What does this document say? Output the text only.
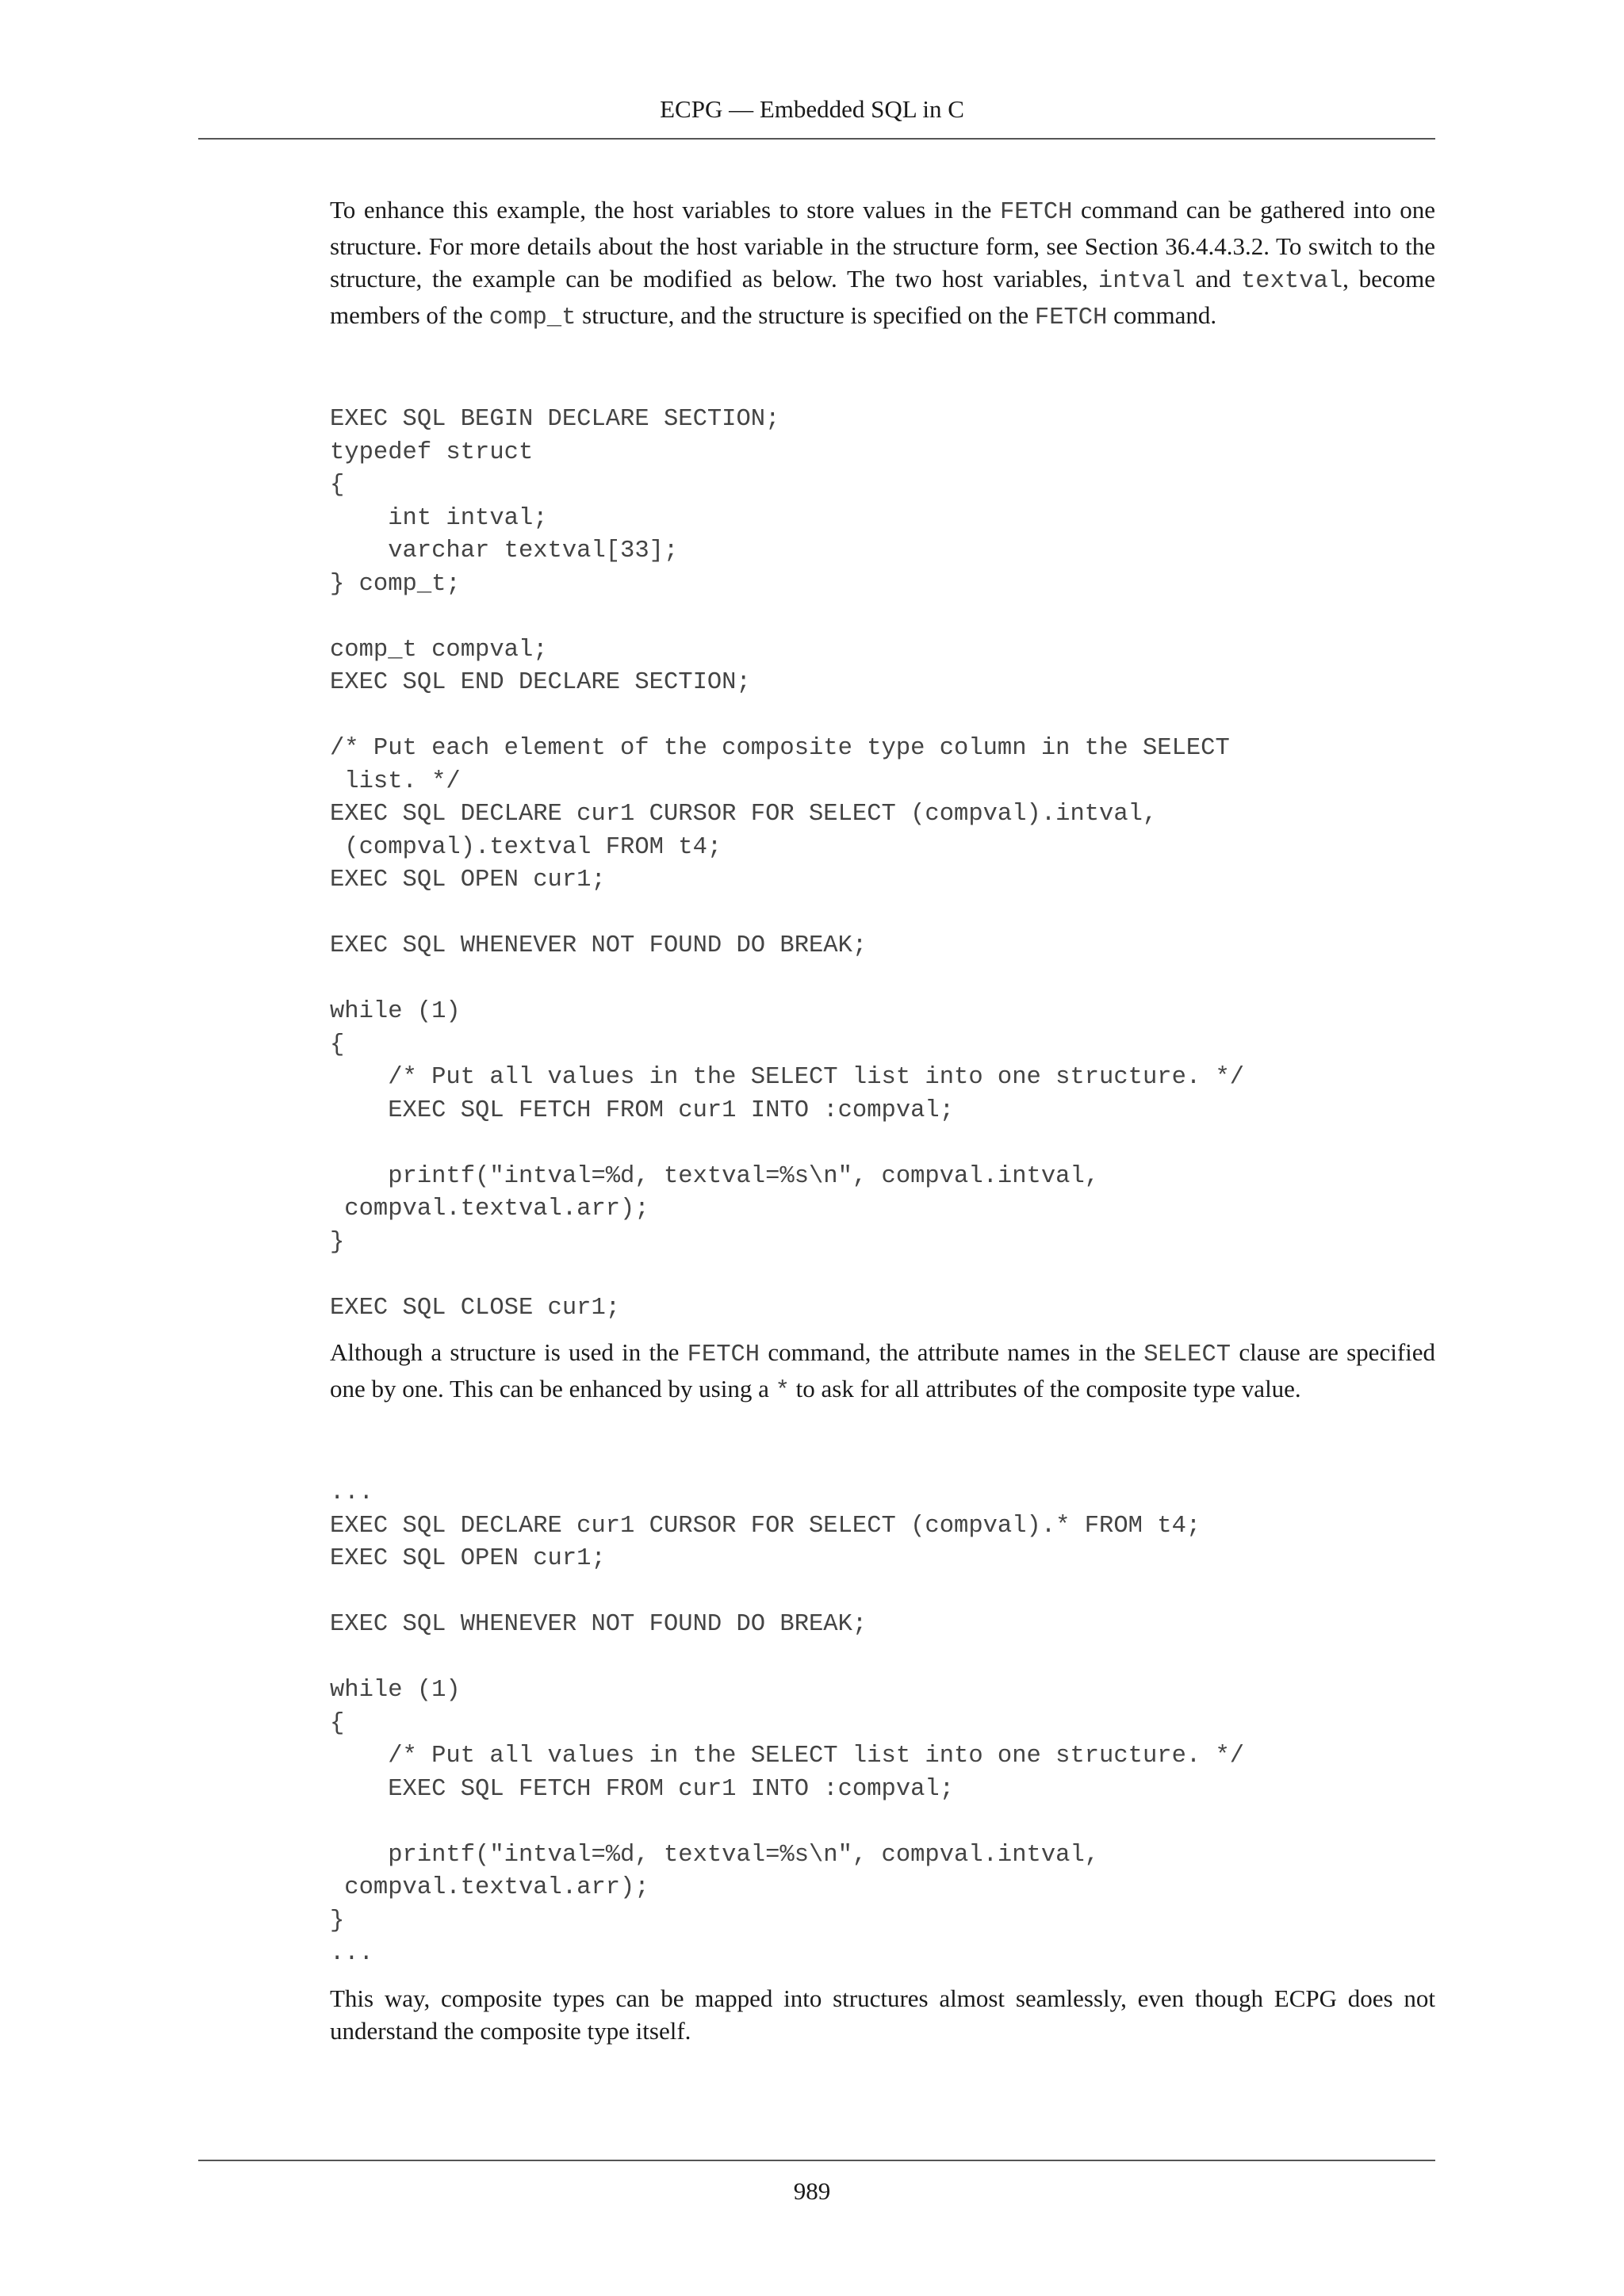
ECPG — Embedded SQL in C

To enhance this example, the host variables to store values in the FETCH command can be gathered into one structure. For more details about the host variable in the structure form, see Section 36.4.4.3.2. To switch to the structure, the example can be modified as below. The two host variables, intval and textval, become members of the comp_t structure, and the structure is specified on the FETCH command.

EXEC SQL BEGIN DECLARE SECTION;
typedef struct
{
int intval;
varchar textval[33];
} comp_t;

comp_t compval;
EXEC SQL END DECLARE SECTION;

/* Put each element of the composite type column in the SELECT
list. */
EXEC SQL DECLARE cur1 CURSOR FOR SELECT (compval).intval,
(compval).textval FROM t4;
EXEC SQL OPEN cur1;

EXEC SQL WHENEVER NOT FOUND DO BREAK;

while (1)
{
/* Put all values in the SELECT list into one structure. */
EXEC SQL FETCH FROM cur1 INTO :compval;

printf("intval=%d, textval=%s\n", compval.intval,
compval.textval.arr);
}

EXEC SQL CLOSE cur1;

Although a structure is used in the FETCH command, the attribute names in the SELECT clause are specified one by one. This can be enhanced by using a * to ask for all attributes of the composite type value.

...
EXEC SQL DECLARE cur1 CURSOR FOR SELECT (compval).* FROM t4;
EXEC SQL OPEN cur1;

EXEC SQL WHENEVER NOT FOUND DO BREAK;

while (1)
{
/* Put all values in the SELECT list into one structure. */
EXEC SQL FETCH FROM cur1 INTO :compval;

printf("intval=%d, textval=%s\n", compval.intval,
compval.textval.arr);
}
...

This way, composite types can be mapped into structures almost seamlessly, even though ECPG does not understand the composite type itself.

989
